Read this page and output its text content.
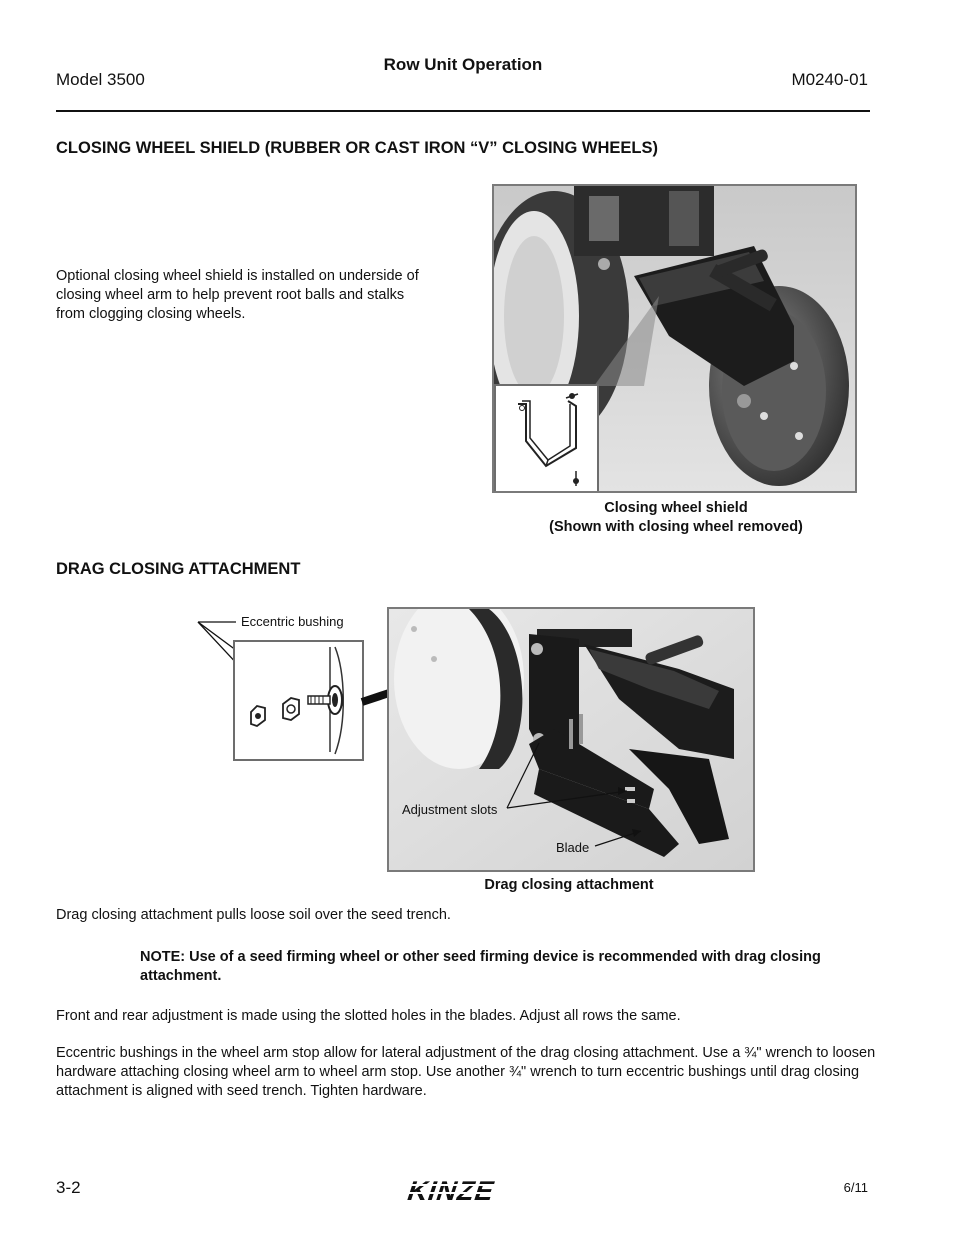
Model 3500
Row Unit Operation
M0240-01
CLOSING WHEEL SHIELD (RUBBER OR CAST IRON “V” CLOSING WHEELS)
Optional closing wheel shield is installed on underside of closing wheel arm to help prevent root balls and stalks from clogging closing wheels.
Closing wheel shield
(Shown with closing wheel removed)
DRAG CLOSING ATTACHMENT
Eccentric bushing
Adjustment slots
Blade
Drag closing attachment
Drag closing attachment pulls loose soil over the seed trench.
NOTE: Use of a seed firming wheel or other seed firming device is recommended with drag closing attachment.
Front and rear adjustment is made using the slotted holes in the blades. Adjust all rows the same.
Eccentric bushings in the wheel arm stop allow for lateral adjustment of the drag closing attachment. Use a ¾" wrench to loosen hardware attaching closing wheel arm to wheel arm stop. Use another ¾" wrench to turn eccentric bushings until drag closing attachment is aligned with seed trench. Tighten hardware.
3-2	KINZE	6/11
